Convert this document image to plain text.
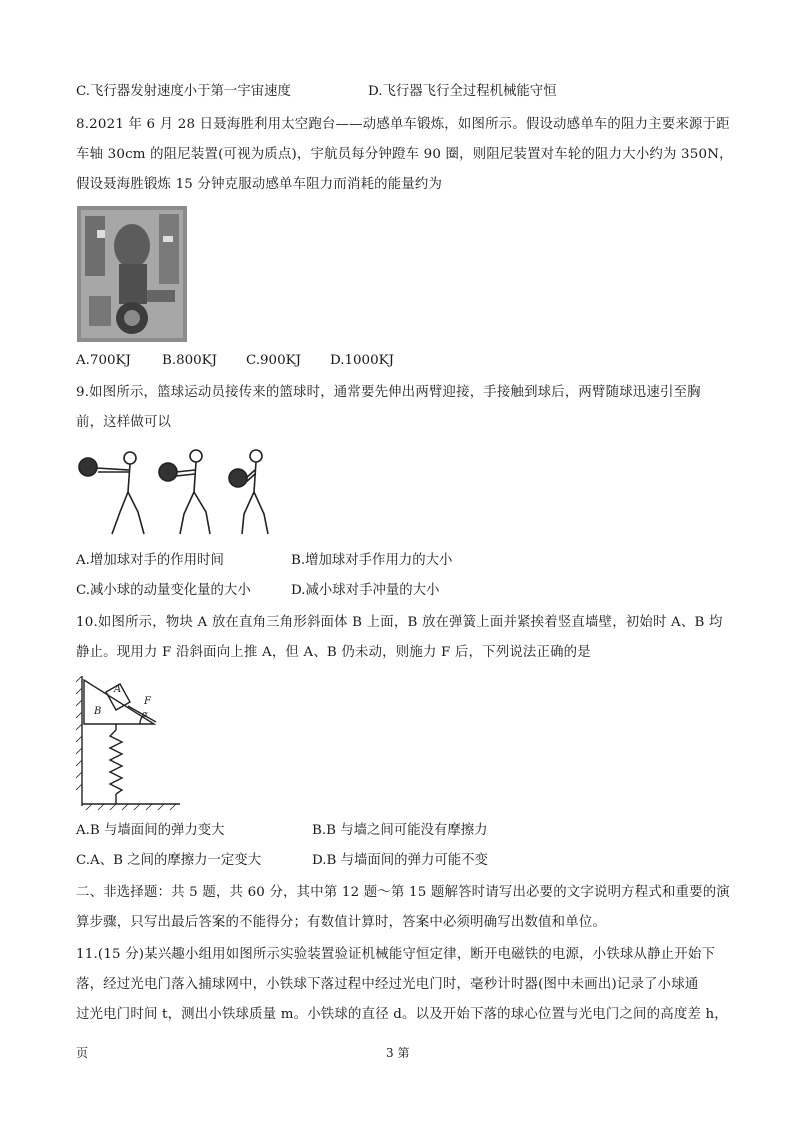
C.飞行器发射速度小于第一宇宙速度	D.飞行器飞行全过程机械能守恒
8.2021 年 6 月 28 日聂海胜利用太空跑台——动感单车锻炼，如图所示。假设动感单车的阻力主要来源于距
车轴 30cm 的阻尼装置(可视为质点)，宇航员每分钟蹬车 90 圈，则阻尼装置对车轮的阻力大小约为 350N，
假设聂海胜锻炼 15 分钟克服动感单车阻力而消耗的能量约为
A.700KJ B.800KJ C.900KJ D.1000KJ
9.如图所示，篮球运动员接传来的篮球时，通常要先伸出两臂迎接，手接触到球后，两臂随球迅速引至胸
前，这样做可以
A.增加球对手的作用时间	B.增加球对手作用力的大小
C.减小球的动量变化量的大小	D.减小球对手冲量的大小
10.如图所示，物块 A 放在直角三角形斜面体 B 上面，B 放在弹簧上面并紧挨着竖直墙壁，初始时 A、B 均
静止。现用力 F 沿斜面向上推 A，但 A、B 仍未动，则施力 F 后，下列说法正确的是
A
B
F
α
A.B 与墙面间的弹力变大	B.B 与墙之间可能没有摩擦力
C.A、B 之间的摩擦力一定变大	D.B 与墙面间的弹力可能不变
二、非选择题：共 5 题，共 60 分，其中第 12 题～第 15 题解答时请写出必要的文字说明方程式和重要的演
算步骤，只写出最后答案的不能得分；有数值计算时，答案中必须明确写出数值和单位。
11.(15 分)某兴趣小组用如图所示实验装置验证机械能守恒定律，断开电磁铁的电源，小铁球从静止开始下
落，经过光电门落入捕球网中，小铁球下落过程中经过光电门时，毫秒计时器(图中未画出)记录了小球通
过光电门时间 t，测出小铁球质量 m。小铁球的直径 d。以及开始下落的球心位置与光电门之间的高度差 h，
页	3 第
